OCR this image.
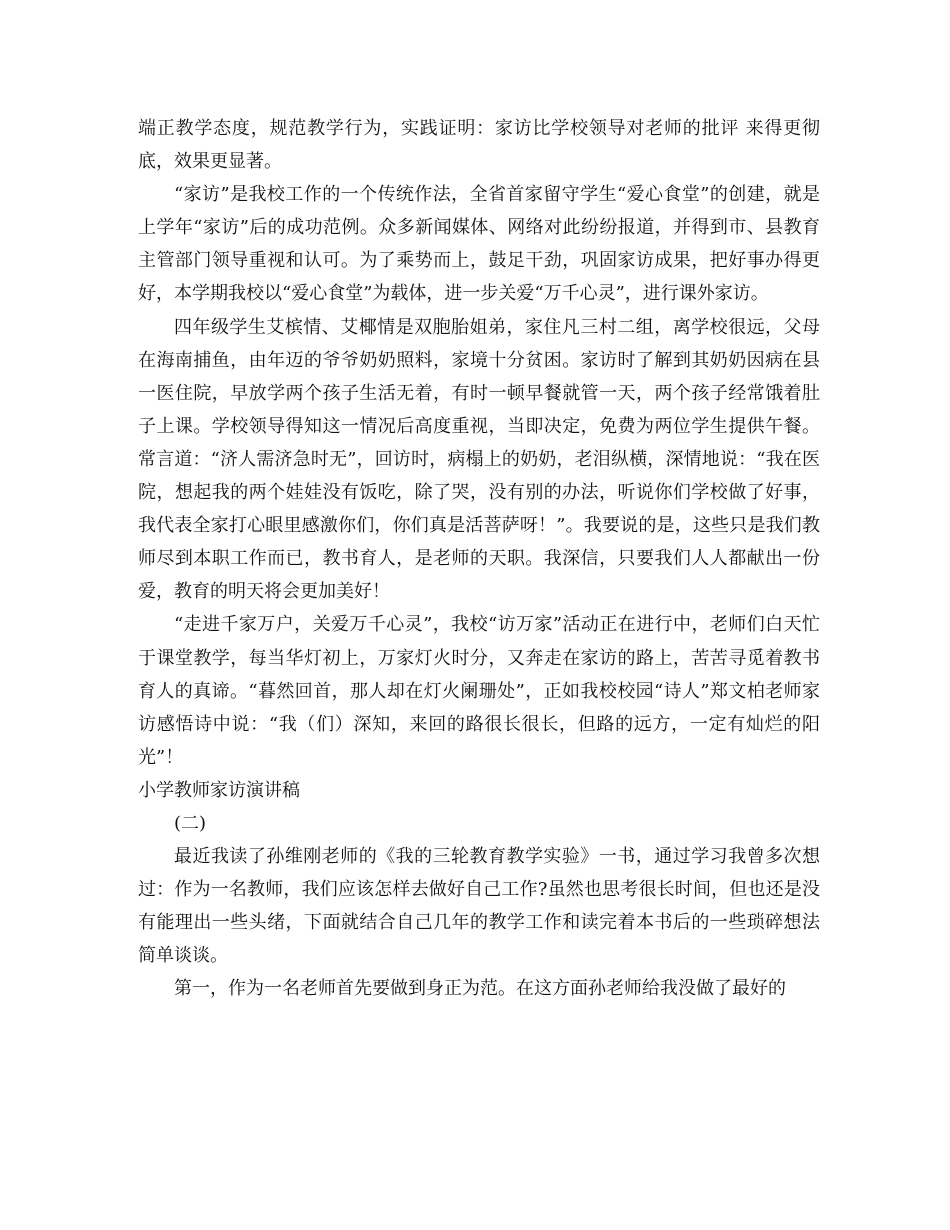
端正教学态度，规范教学行为，实践证明：家访比学校领导对老师的批评 来得更彻底，效果更显著。

“家访”是我校工作的一个传统作法，全省首家留守学生“爱心食堂”的创建，就是上学年“家访”后的成功范例。众多新闻媒体、网络对此纷纷报道，并得到市、县教育主管部门领导重视和认可。为了乘势而上，鼓足干劲，巩固家访成果，把好事办得更好，本学期我校以“爱心食堂”为载体，进一步关爱“万千心灵”，进行课外家访。

四年级学生艾槟情、艾椰情是双胞胎姐弟，家住凡三村二组，离学校很远，父母在海南捕鱼，由年迈的爷爷奶奶照料，家境十分贫困。家访时了解到其奶奶因病在县一医住院，早放学两个孩子生活无着，有时一顿早餐就管一天，两个孩子经常饿着肚子上课。学校领导得知这一情况后高度重视，当即决定，免费为两位学生提供午餐。常言道：“济人需济急时无”，回访时，病榻上的奶奶，老泪纵横，深情地说：“我在医院，想起我的两个娃娃没有饭吃，除了哭，没有别的办法，听说你们学校做了好事，我代表全家打心眼里感激你们，你们真是活菩萨呀！”。我要说的是，这些只是我们教师尽到本职工作而已，教书育人，是老师的天职。我深信，只要我们人人都献出一份爱，教育的明天将会更加美好！

“走进千家万户，关爱万千心灵”，我校“访万家”活动正在进行中，老师们白天忙于课堂教学，每当华灯初上，万家灯火时分，又奔走在家访的路上，苦苦寻觅着教书育人的真谛。“暮然回首，那人却在灯火阑珊处”，正如我校校园“诗人”郑文柏老师家访感悟诗中说：“我（们）深知，来回的路很长很长，但路的远方，一定有灿烂的阳光”！

小学教师家访演讲稿

(二)

最近我读了孙维刚老师的《我的三轮教育教学实验》一书，通过学习我曾多次想过：作为一名教师，我们应该怎样去做好自己工作?虽然也思考很长时间，但也还是没有能理出一些头绪，下面就结合自己几年的教学工作和读完着本书后的一些琐碎想法简单谈谈。

第一，作为一名老师首先要做到身正为范。在这方面孙老师给我没做了最好的
